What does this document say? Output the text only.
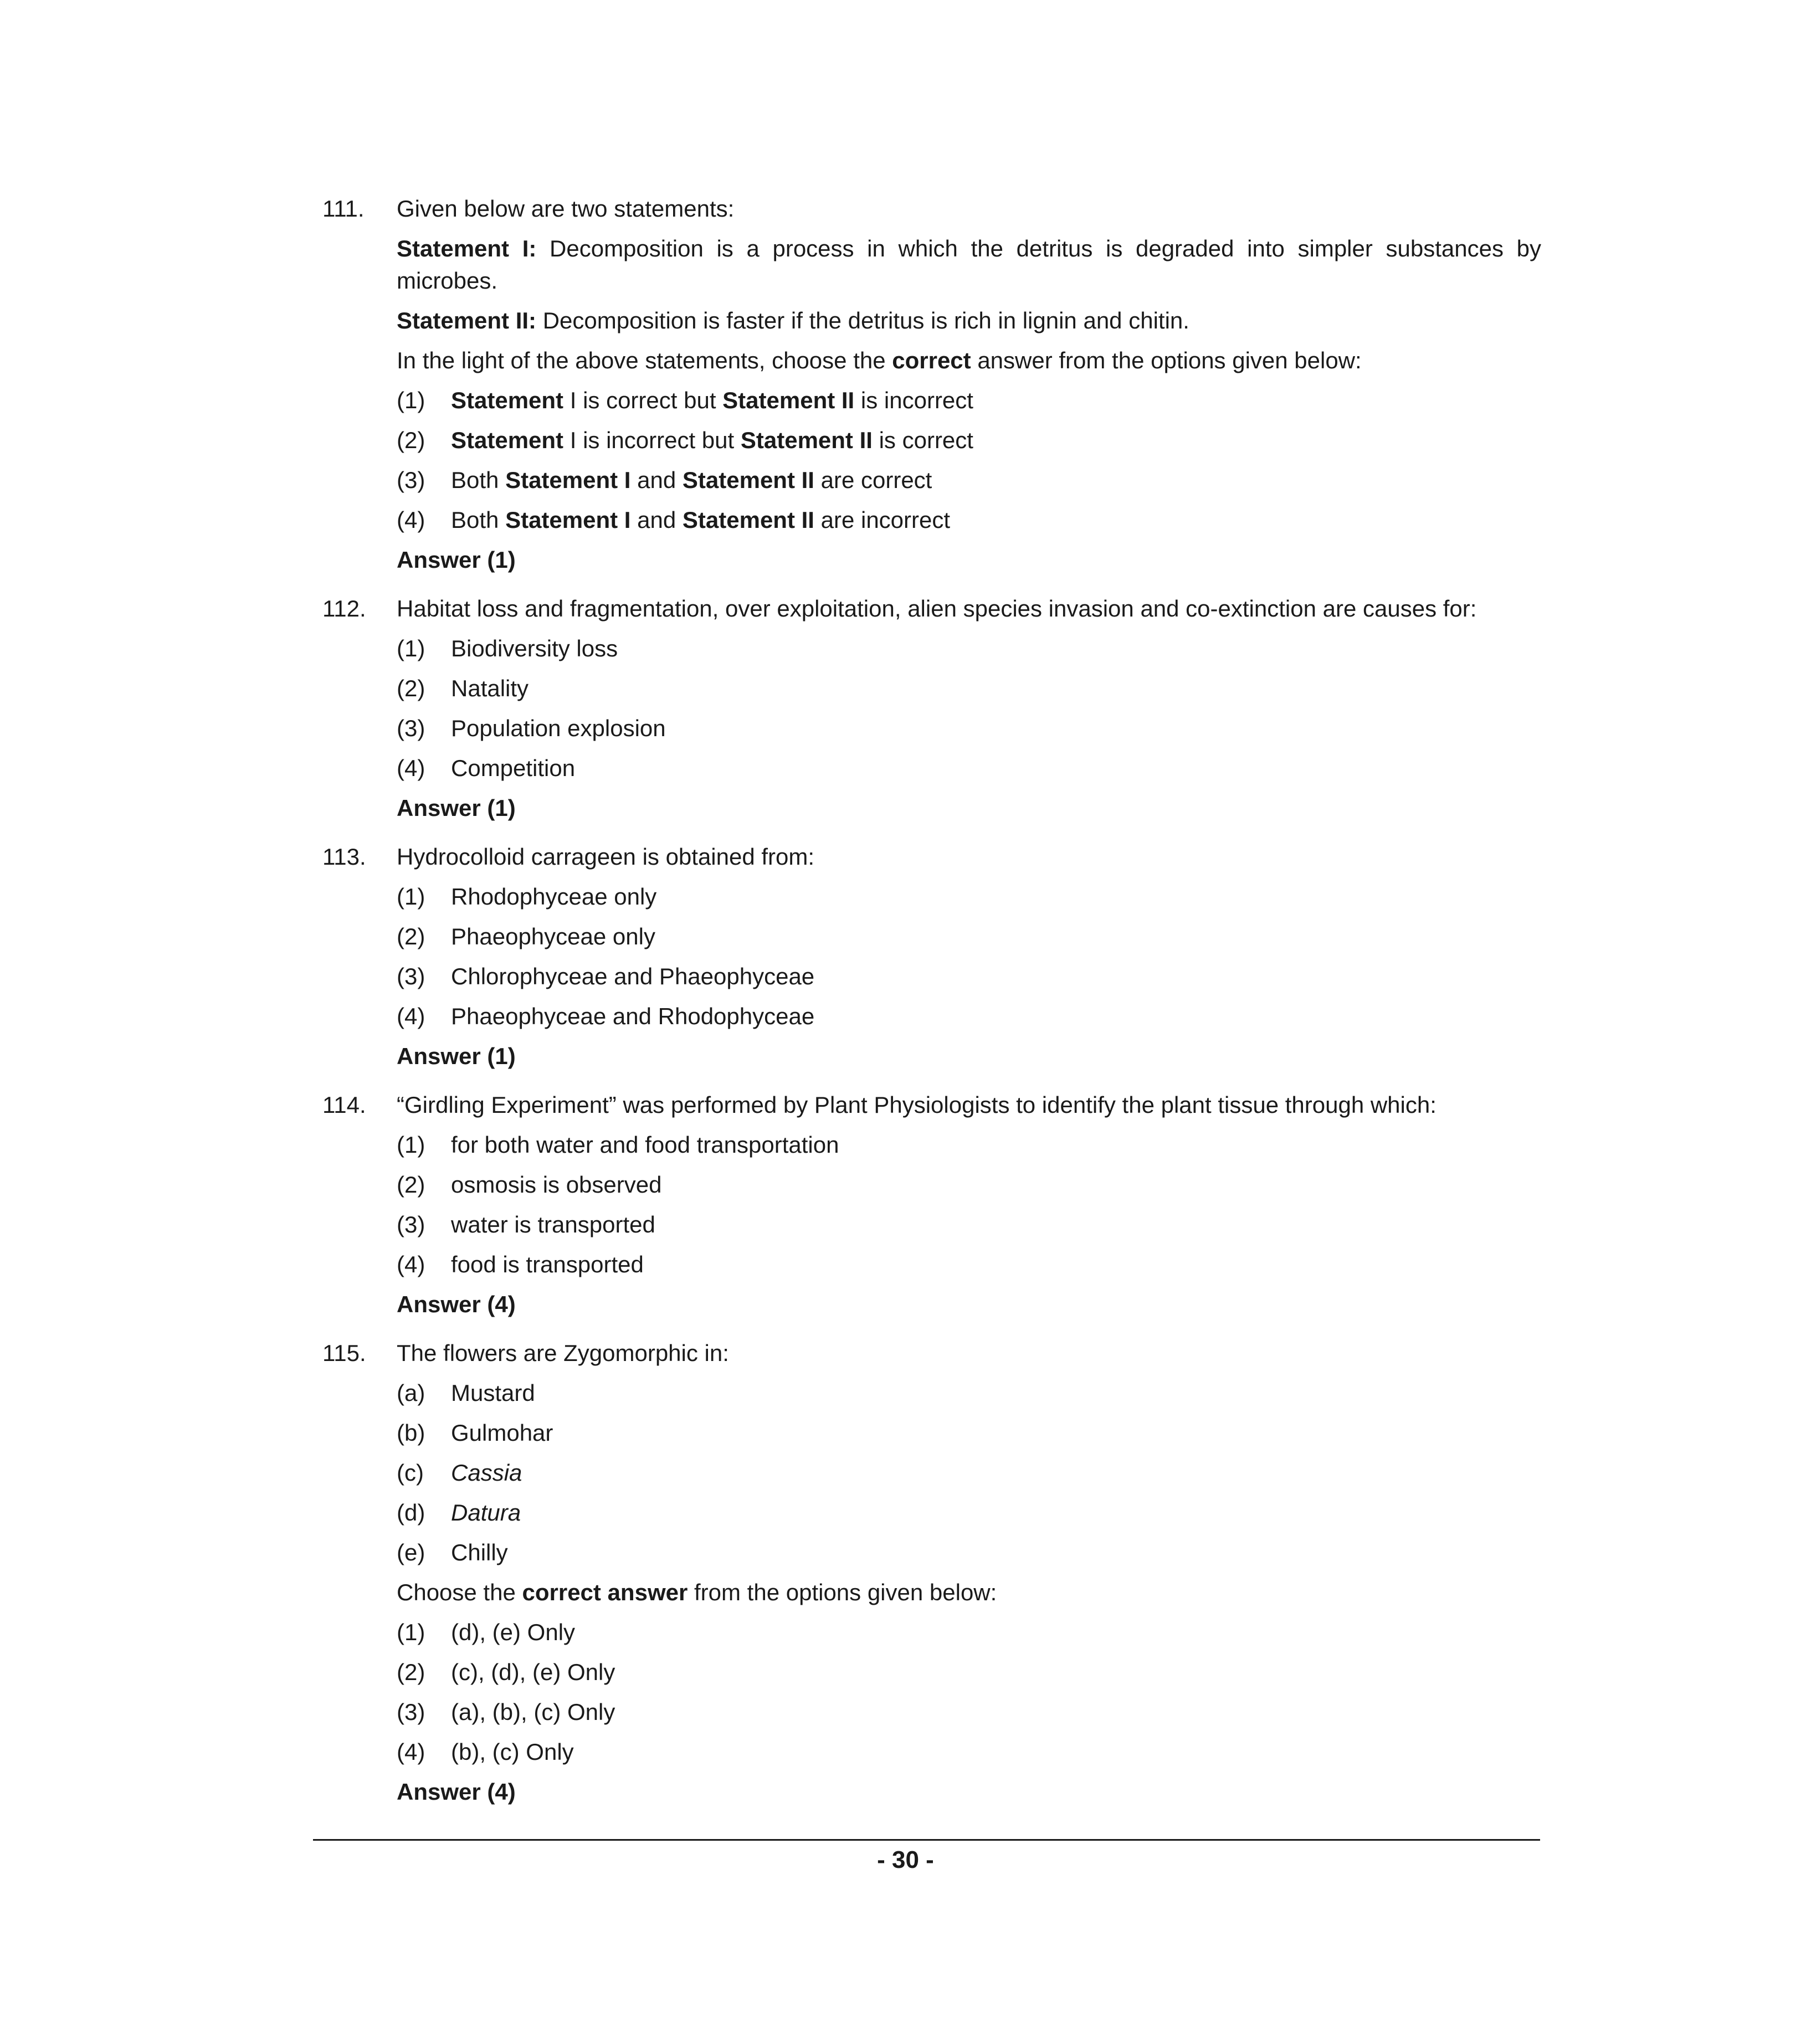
111.	Given below are two statements:
Statement I: Decomposition is a process in which the detritus is degraded into simpler substances by microbes.
Statement II: Decomposition is faster if the detritus is rich in lignin and chitin.
In the light of the above statements, choose the correct answer from the options given below:
(1)	Statement I is correct but Statement II is incorrect
(2)	Statement I is incorrect but Statement II is correct
(3)	Both Statement I and Statement II are correct
(4)	Both Statement I and Statement II are incorrect
Answer (1)
112.	Habitat loss and fragmentation, over exploitation, alien species invasion and co-extinction are causes for:
(1)	Biodiversity loss
(2)	Natality
(3)	Population explosion
(4)	Competition
Answer (1)
113.	Hydrocolloid carrageen is obtained from:
(1)	Rhodophyceae only
(2)	Phaeophyceae only
(3)	Chlorophyceae and Phaeophyceae
(4)	Phaeophyceae and Rhodophyceae
Answer (1)
114.	“Girdling Experiment” was performed by Plant Physiologists to identify the plant tissue through which:
(1)	for both water and food transportation
(2)	osmosis is observed
(3)	water is transported
(4)	food is transported
Answer (4)
115.	The flowers are Zygomorphic in:
(a)	Mustard
(b)	Gulmohar
(c)	Cassia
(d)	Datura
(e)	Chilly
Choose the correct answer from the options given below:
(1)	(d), (e) Only
(2)	(c), (d), (e) Only
(3)	(a), (b), (c) Only
(4)	(b), (c) Only
Answer (4)
- 30 -
